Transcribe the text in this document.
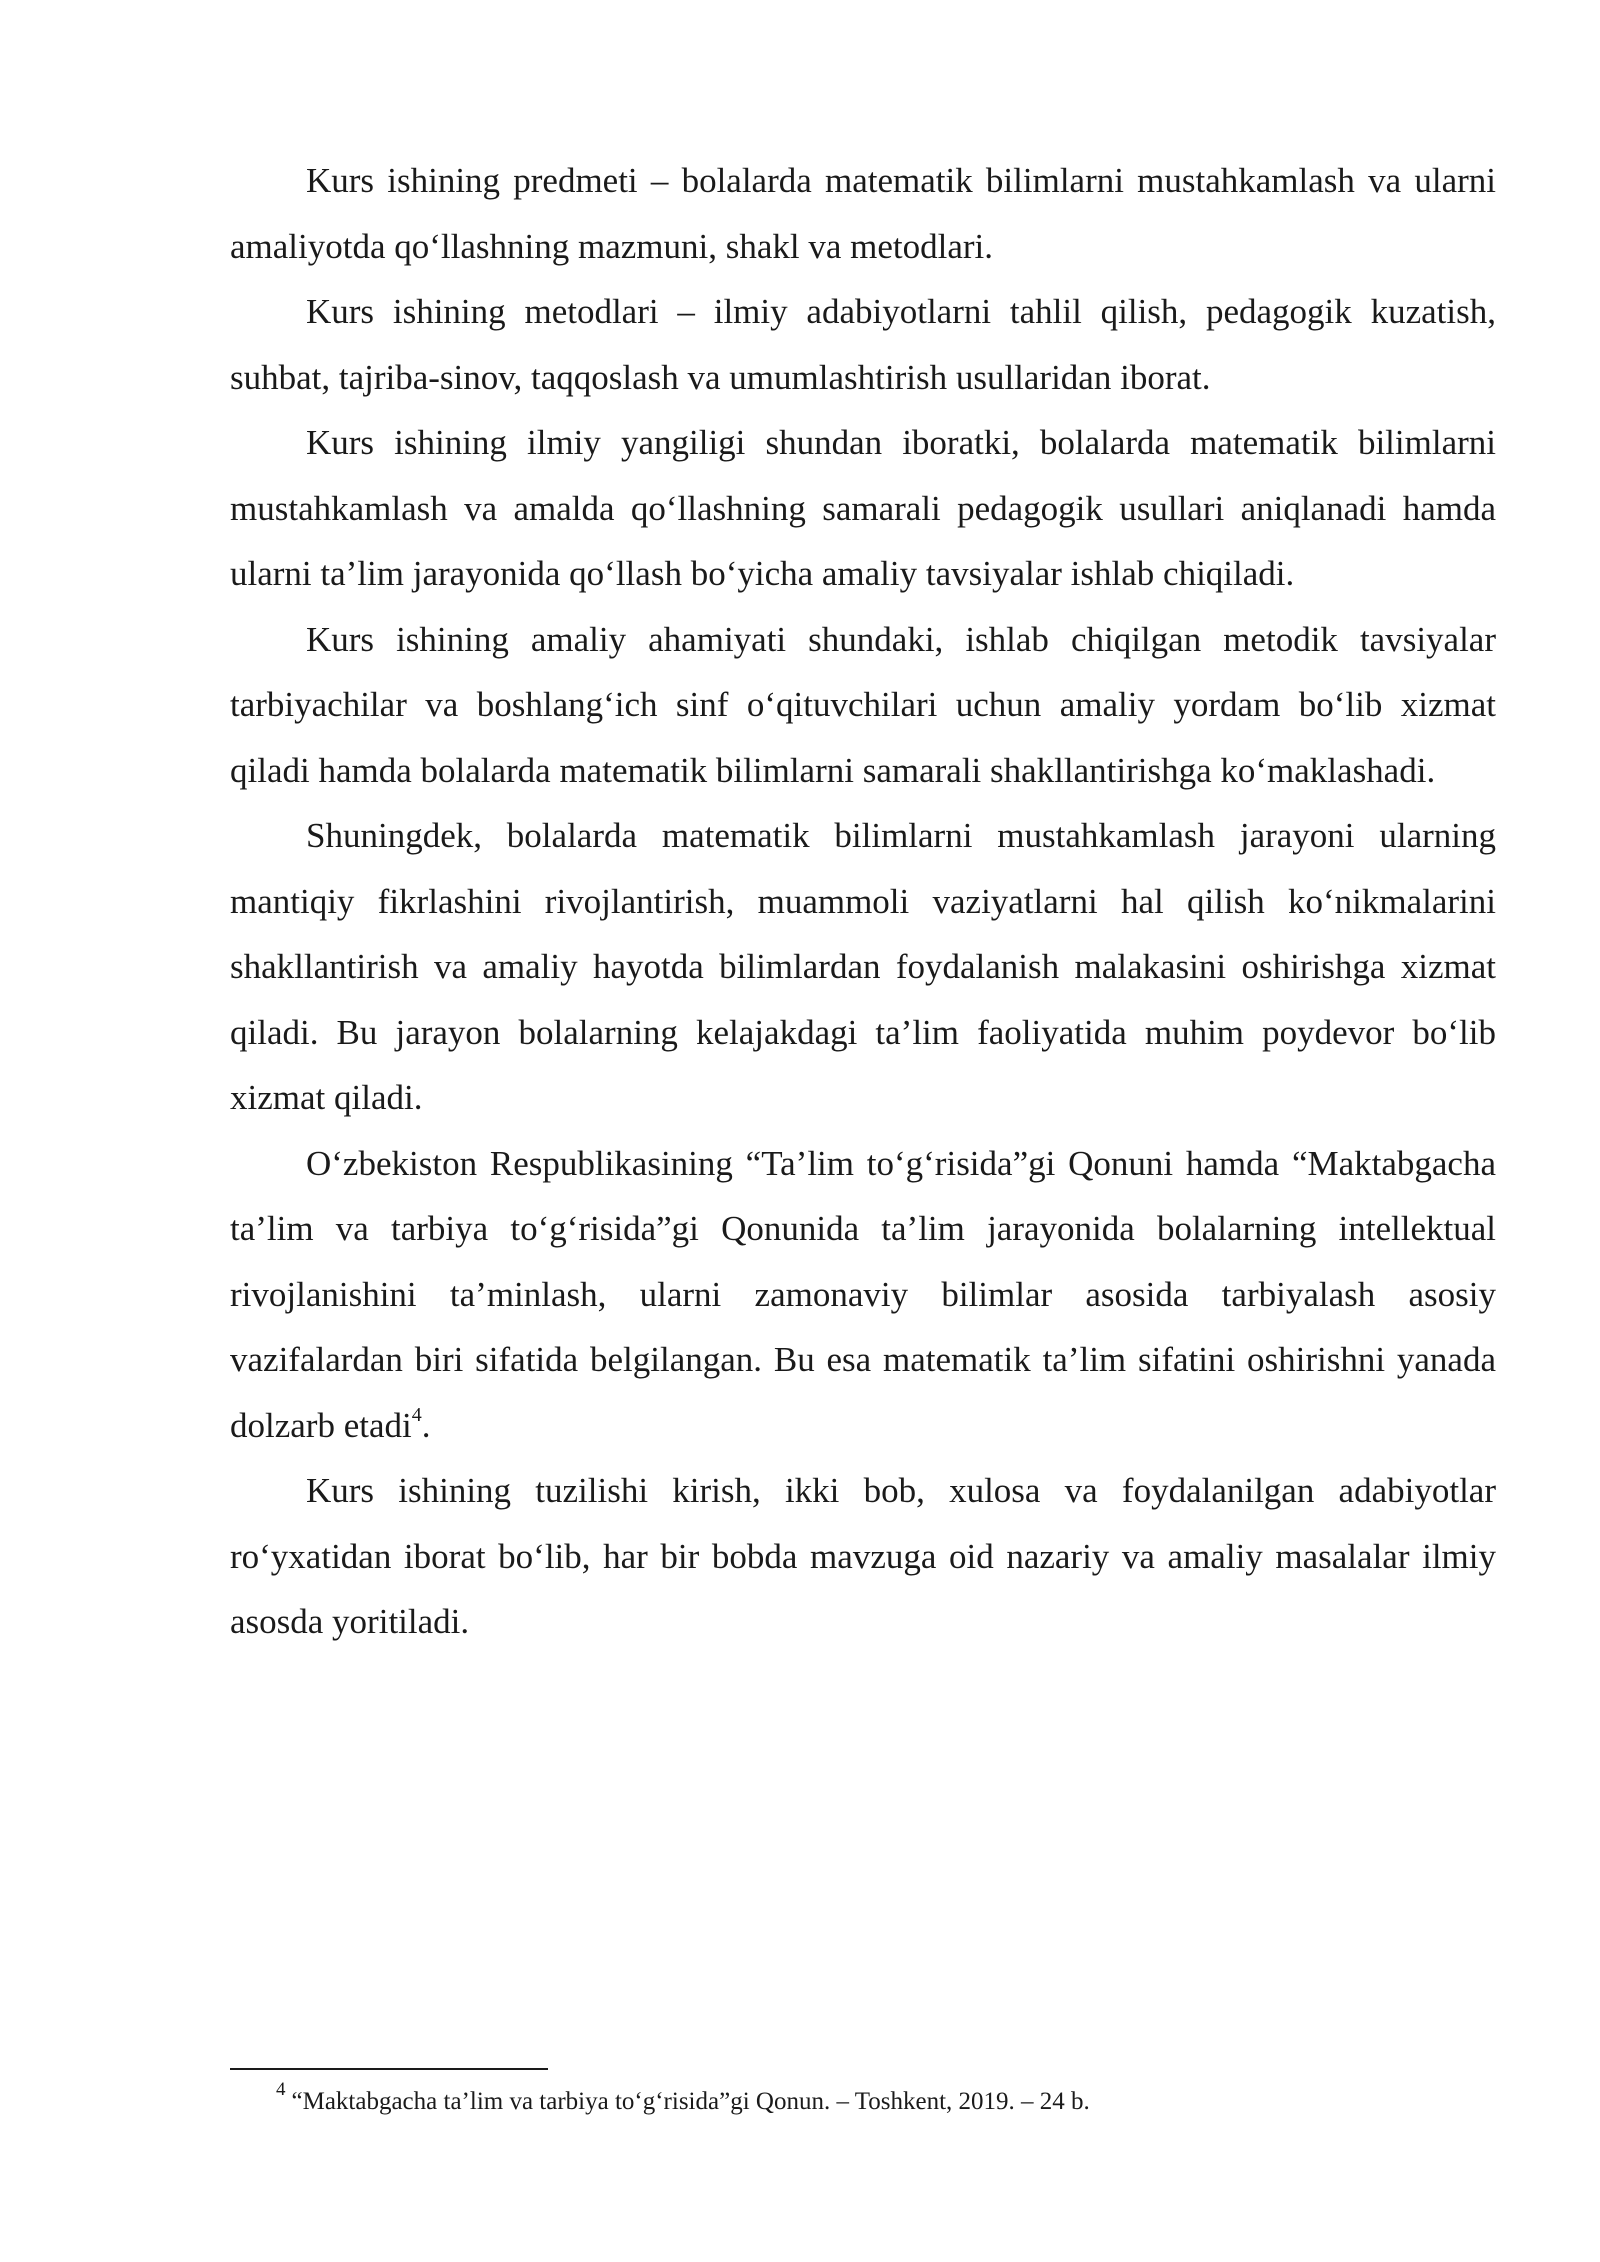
Kurs ishining predmeti – bolalarda matematik bilimlarni mustahkamlash va ularni amaliyotda qo‘llashning mazmuni, shakl va metodlari.

Kurs ishining metodlari – ilmiy adabiyotlarni tahlil qilish, pedagogik kuzatish, suhbat, tajriba-sinov, taqqoslash va umumlashtirish usullaridan iborat.

Kurs ishining ilmiy yangiligi shundan iboratki, bolalarda matematik bilimlarni mustahkamlash va amalda qo‘llashning samarali pedagogik usullari aniqlanadi hamda ularni ta’lim jarayonida qo‘llash bo‘yicha amaliy tavsiyalar ishlab chiqiladi.

Kurs ishining amaliy ahamiyati shundaki, ishlab chiqilgan metodik tavsiyalar tarbiyachilar va boshlang‘ich sinf o‘qituvchilari uchun amaliy yordam bo‘lib xizmat qiladi hamda bolalarda matematik bilimlarni samarali shakllantirishga ko‘maklashadi.

Shuningdek, bolalarda matematik bilimlarni mustahkamlash jarayoni ularning mantiqiy fikrlashini rivojlantirish, muammoli vaziyatlarni hal qilish ko‘nikmalarini shakllantirish va amaliy hayotda bilimlardan foydalanish malakasini oshirishga xizmat qiladi. Bu jarayon bolalarning kelajakdagi ta’lim faoliyatida muhim poydevor bo‘lib xizmat qiladi.

O‘zbekiston Respublikasining “Ta’lim to‘g‘risida”gi Qonuni hamda “Maktabgacha ta’lim va tarbiya to‘g‘risida”gi Qonunida ta’lim jarayonida bolalarning intellektual rivojlanishini ta’minlash, ularni zamonaviy bilimlar asosida tarbiyalash asosiy vazifalardan biri sifatida belgilangan. Bu esa matematik ta’lim sifatini oshirishni yanada dolzarb etadi$^4$.

Kurs ishining tuzilishi kirish, ikki bob, xulosa va foydalanilgan adabiyotlar ro‘yxatidan iborat bo‘lib, har bir bobda mavzuga oid nazariy va amaliy masalalar ilmiy asosda yoritiladi.

$^4$ “Maktabgacha ta’lim va tarbiya to‘g‘risida”gi Qonun. – Toshkent, 2019. – 24 b.
